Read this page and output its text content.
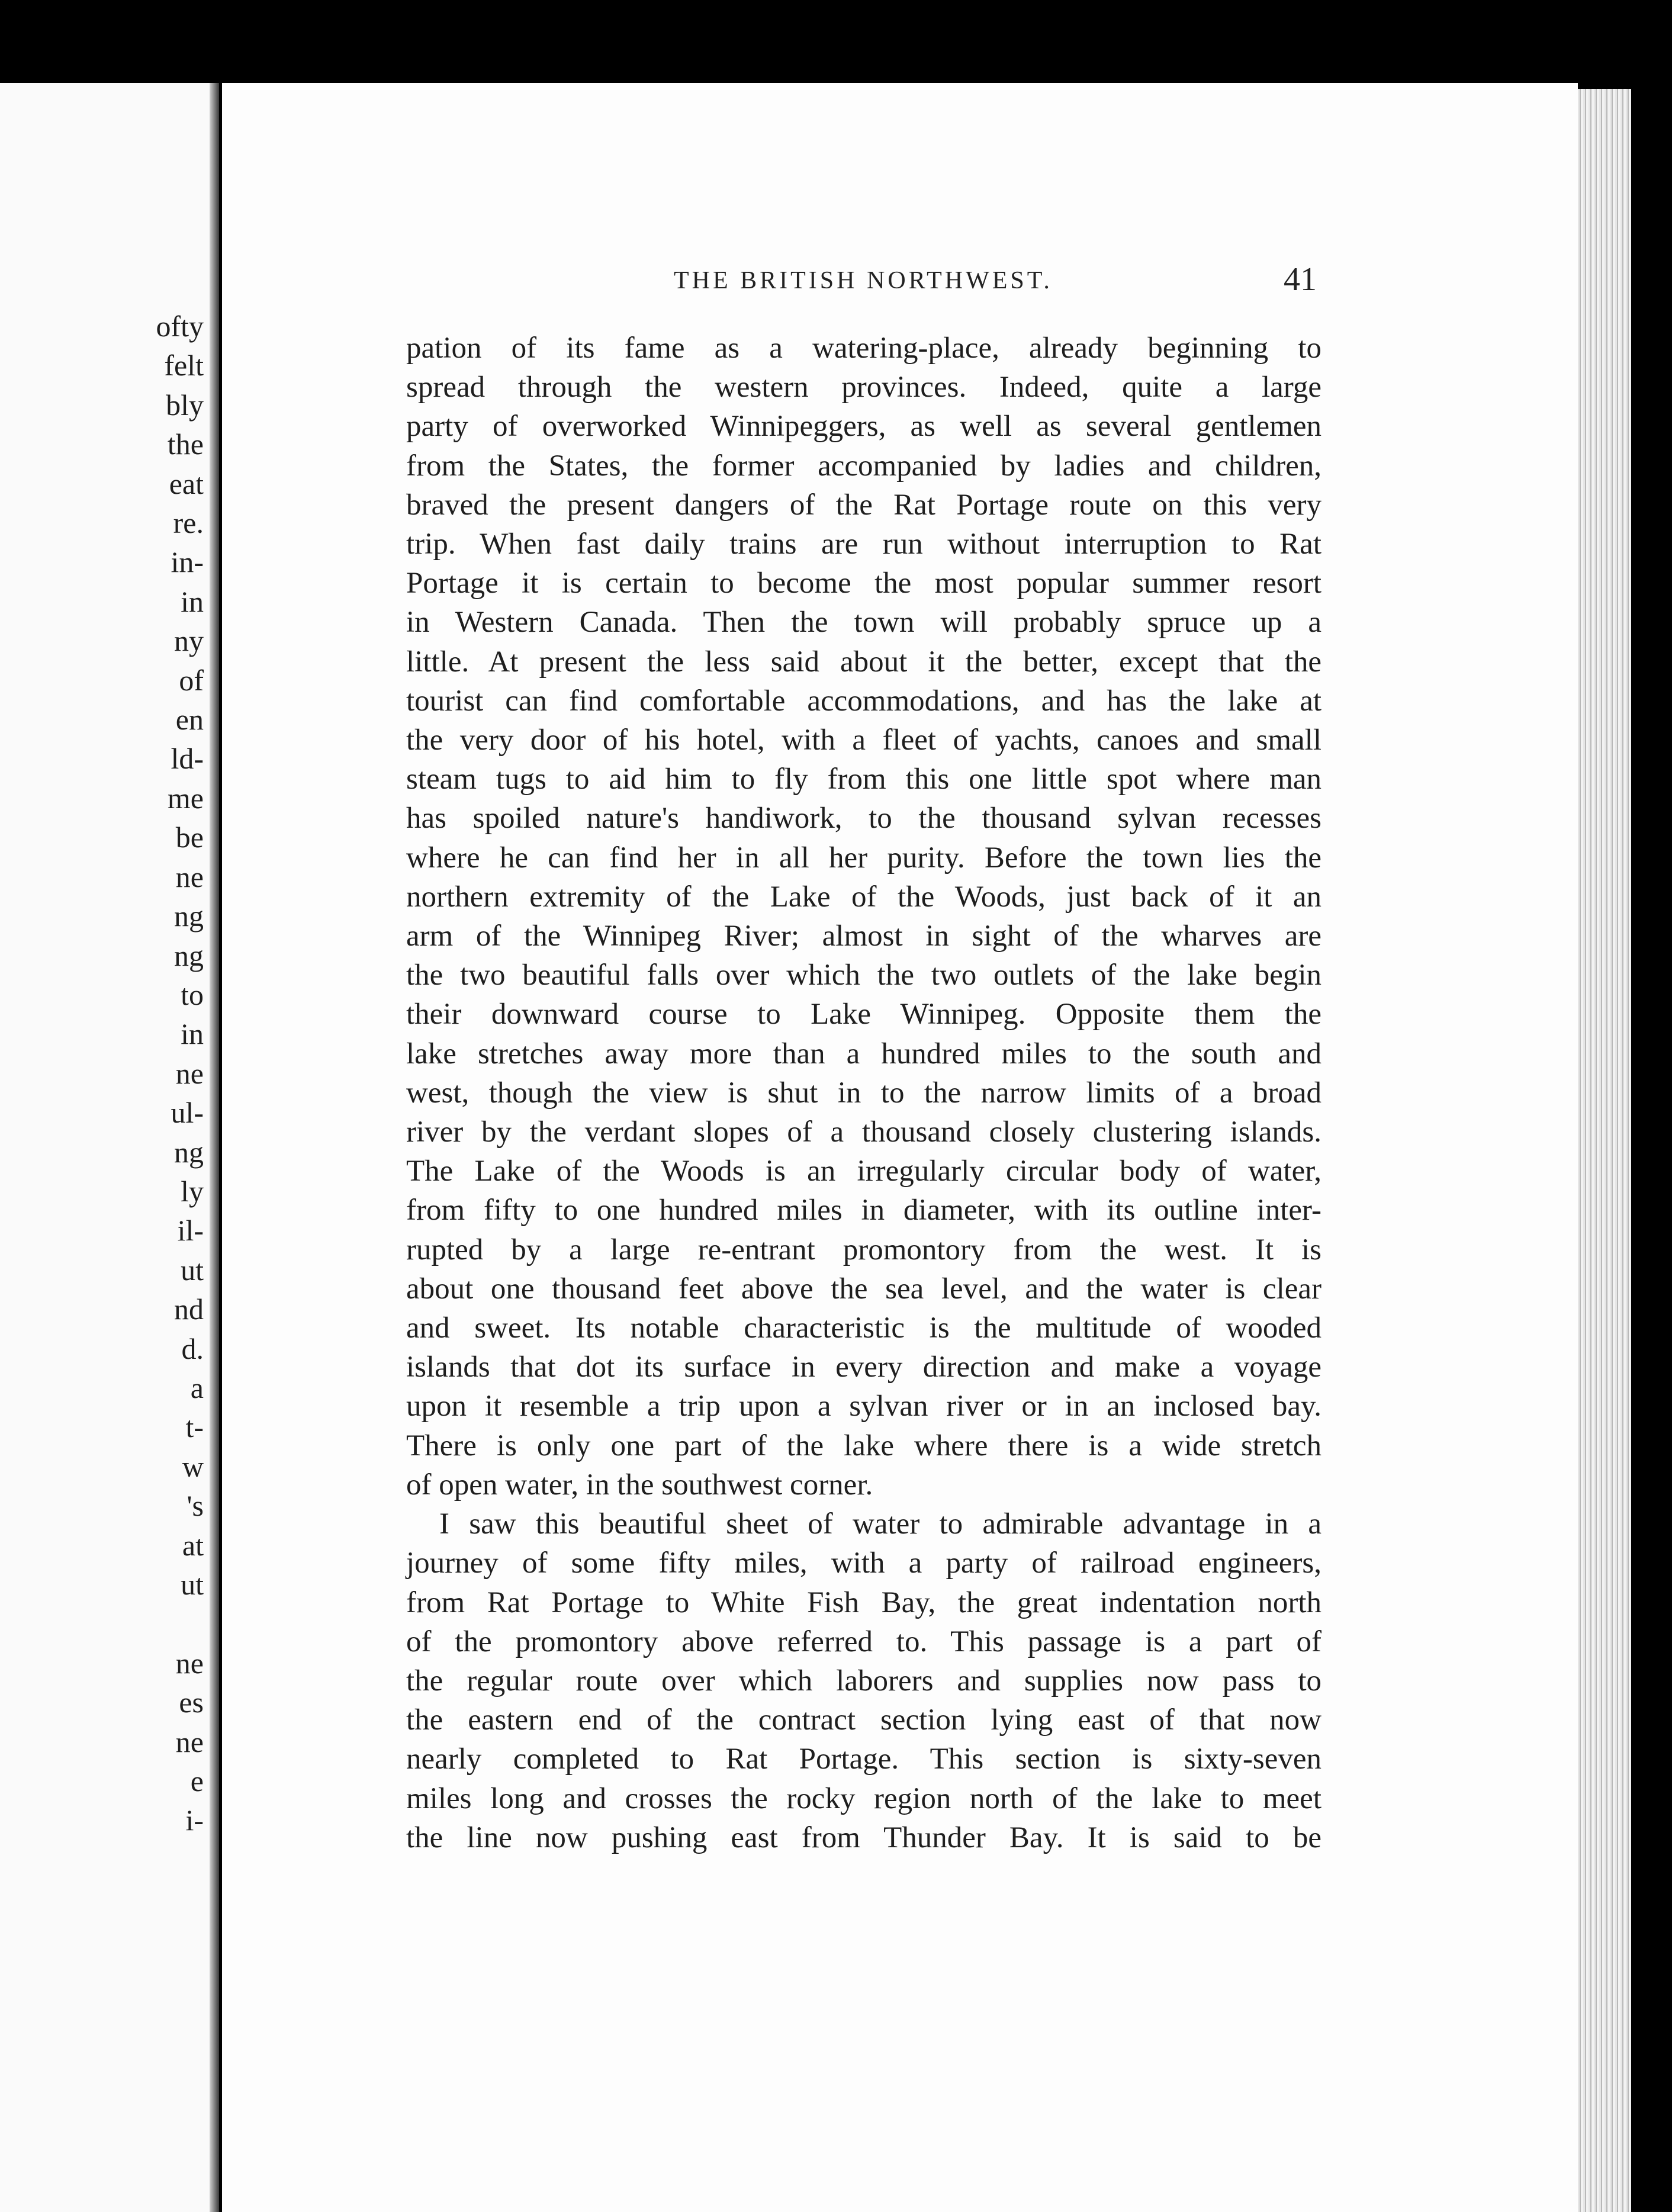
ofty
felt
bly
the
eat
re.
in-
in
ny
of
en
ld-
me
be
ne
ng
ng
to
in
ne
ul-
ng
ly
il-
ut
nd
d.
a
t-
w
's
at
ut

ne
es
ne
e
i-
THE BRITISH NORTHWEST.	41
pation of its fame as a watering-place, already beginning to
spread through the western provinces. Indeed, quite a large
party of overworked Winnipeggers, as well as several gentlemen
from the States, the former accompanied by ladies and children,
braved the present dangers of the Rat Portage route on this very
trip. When fast daily trains are run without interruption to Rat
Portage it is certain to become the most popular summer resort
in Western Canada. Then the town will probably spruce up a
little. At present the less said about it the better, except that the
tourist can find comfortable accommodations, and has the lake at
the very door of his hotel, with a fleet of yachts, canoes and small
steam tugs to aid him to fly from this one little spot where man
has spoiled nature's handiwork, to the thousand sylvan recesses
where he can find her in all her purity. Before the town lies the
northern extremity of the Lake of the Woods, just back of it an
arm of the Winnipeg River; almost in sight of the wharves are
the two beautiful falls over which the two outlets of the lake begin
their downward course to Lake Winnipeg. Opposite them the
lake stretches away more than a hundred miles to the south and
west, though the view is shut in to the narrow limits of a broad
river by the verdant slopes of a thousand closely clustering islands.
The Lake of the Woods is an irregularly circular body of water,
from fifty to one hundred miles in diameter, with its outline inter-
rupted by a large re-entrant promontory from the west. It is
about one thousand feet above the sea level, and the water is clear
and sweet. Its notable characteristic is the multitude of wooded
islands that dot its surface in every direction and make a voyage
upon it resemble a trip upon a sylvan river or in an inclosed bay.
There is only one part of the lake where there is a wide stretch
of open water, in the southwest corner.
I saw this beautiful sheet of water to admirable advantage in a
journey of some fifty miles, with a party of railroad engineers,
from Rat Portage to White Fish Bay, the great indentation north
of the promontory above referred to. This passage is a part of
the regular route over which laborers and supplies now pass to
the eastern end of the contract section lying east of that now
nearly completed to Rat Portage. This section is sixty-seven
miles long and crosses the rocky region north of the lake to meet
the line now pushing east from Thunder Bay. It is said to be
